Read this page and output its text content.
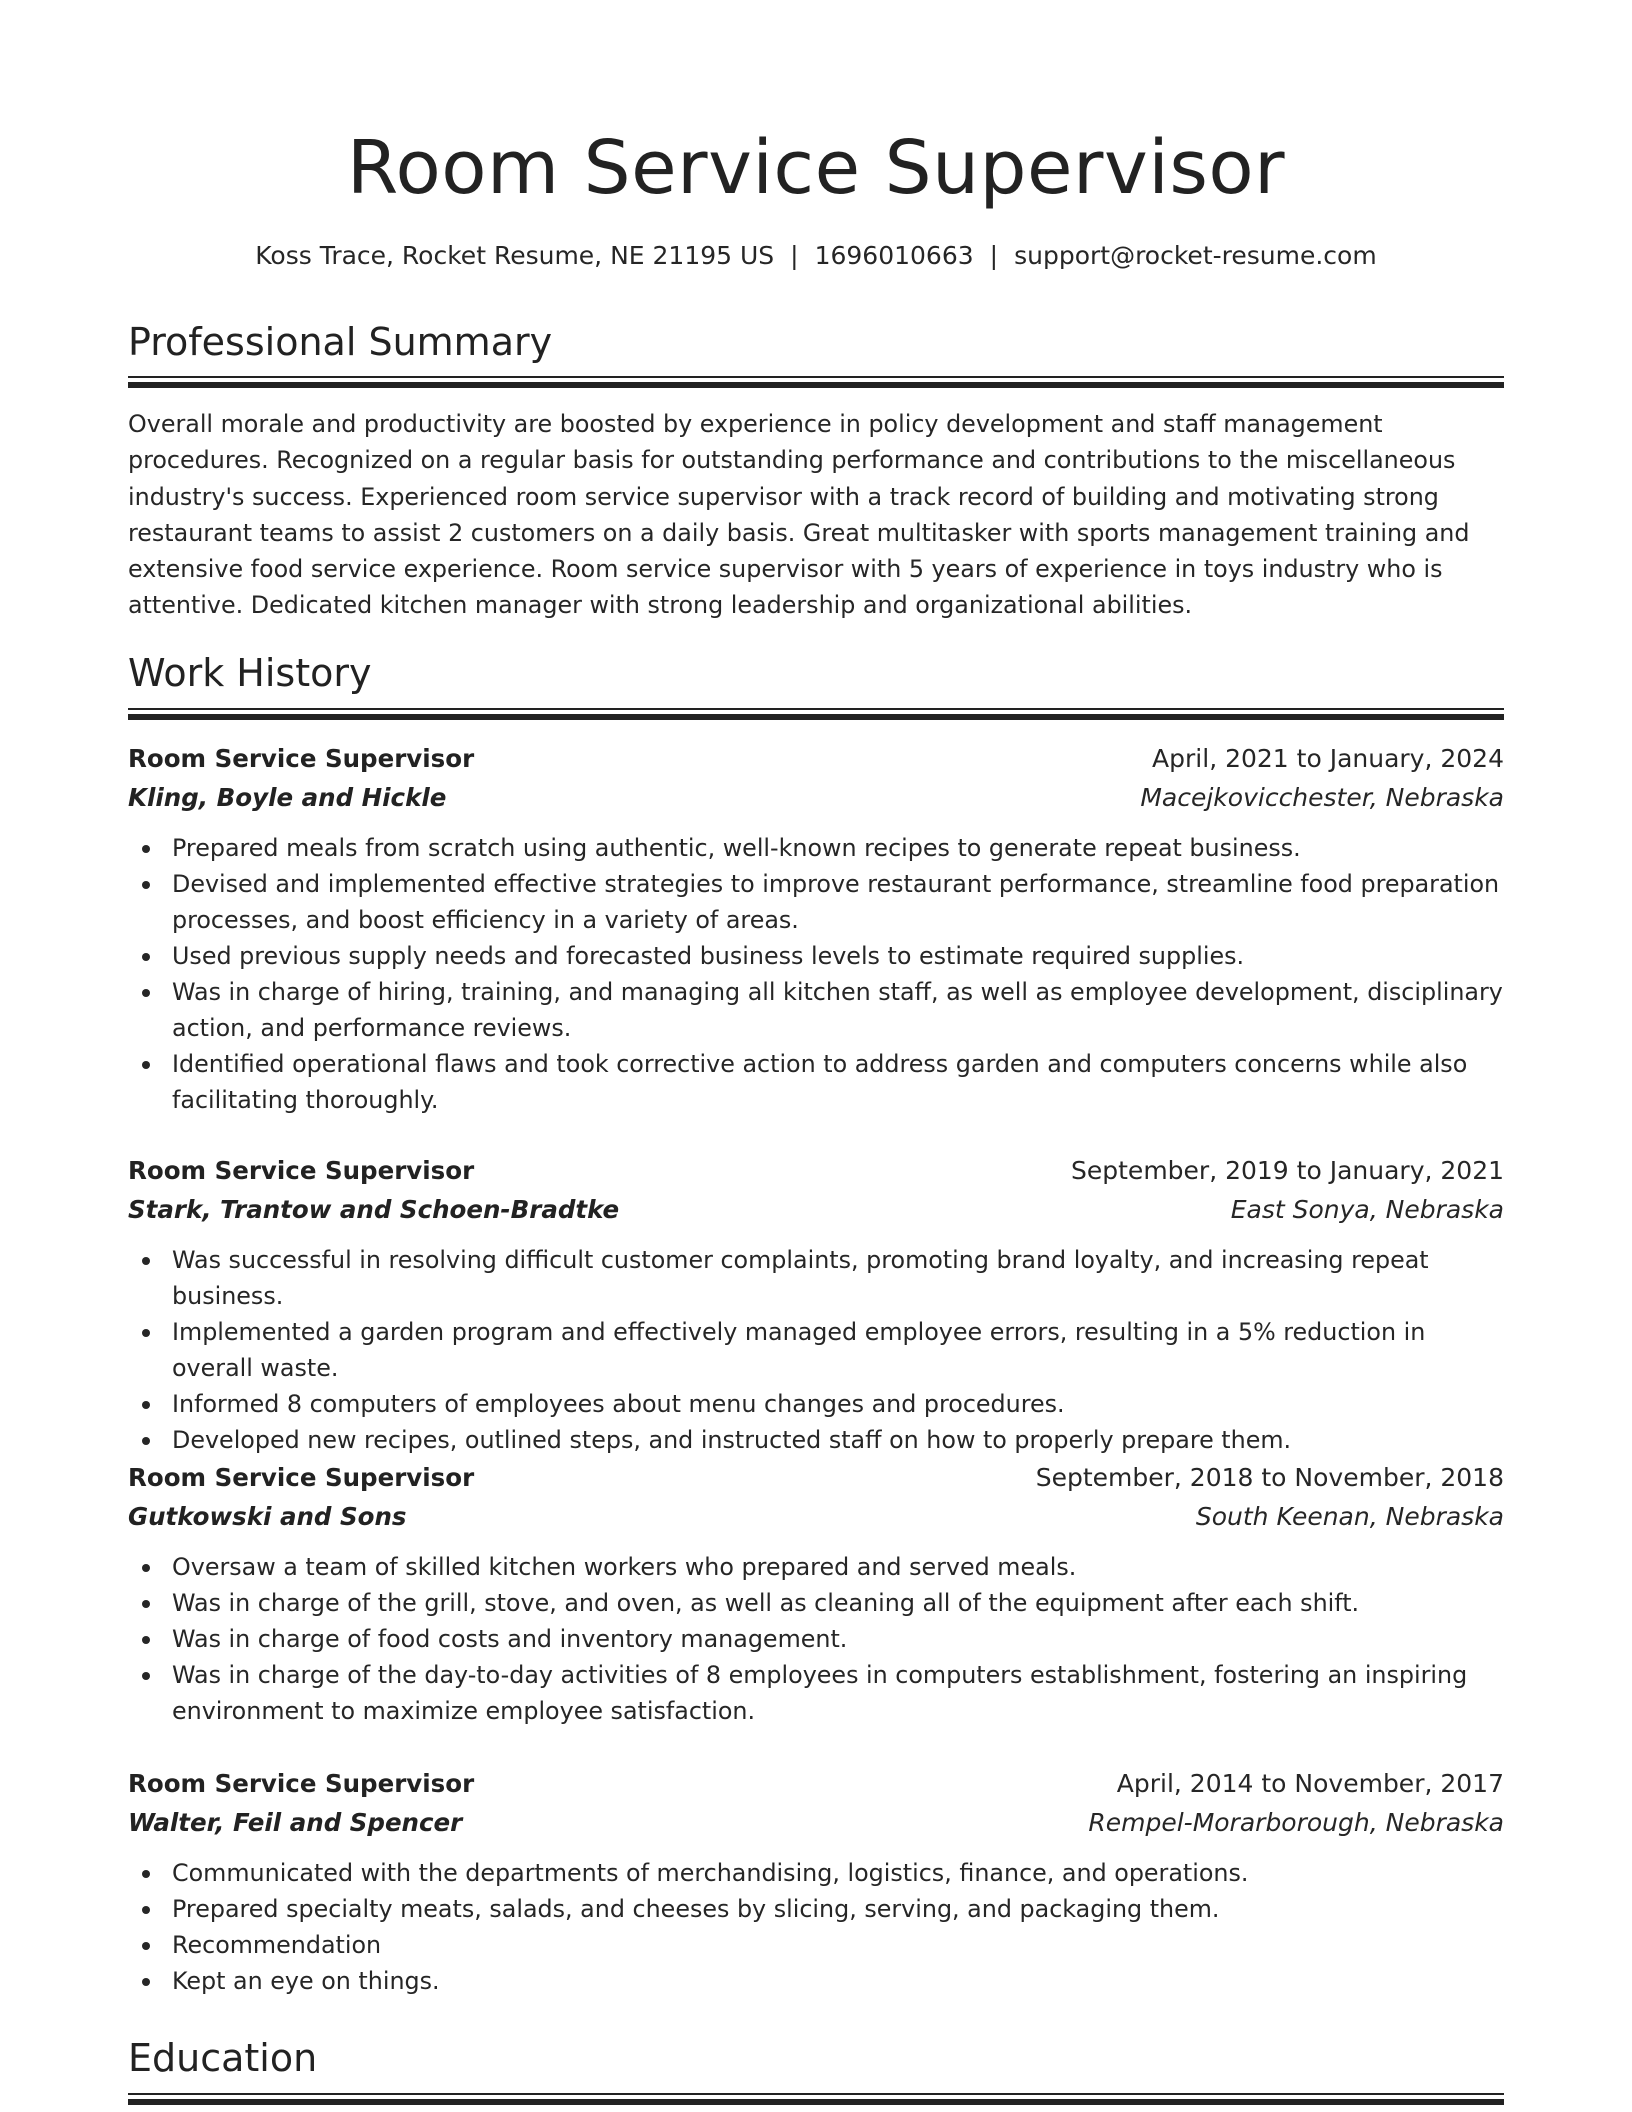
Room Service Supervisor
Koss Trace, Rocket Resume, NE 21195 US | 1696010663 | support@rocket-resume.com
Professional Summary

Overall morale and productivity are boosted by experience in policy development and staff management procedures. Recognized on a regular basis for outstanding performance and contributions to the miscellaneous industry's success. Experienced room service supervisor with a track record of building and motivating strong restaurant teams to assist 2 customers on a daily basis. Great multitasker with sports management training and extensive food service experience. Room service supervisor with 5 years of experience in toys industry who is attentive. Dedicated kitchen manager with strong leadership and organizational abilities.

Work History
Room Service Supervisor	April, 2021 to January, 2024
Kling, Boyle and Hickle	Macejkovicchester, Nebraska
Prepared meals from scratch using authentic, well-known recipes to generate repeat business.
Devised and implemented effective strategies to improve restaurant performance, streamline food preparation processes, and boost efficiency in a variety of areas.
Used previous supply needs and forecasted business levels to estimate required supplies.
Was in charge of hiring, training, and managing all kitchen staff, as well as employee development, disciplinary action, and performance reviews.
Identified operational flaws and took corrective action to address garden and computers concerns while also facilitating thoroughly.
Room Service Supervisor	September, 2019 to January, 2021
Stark, Trantow and Schoen-Bradtke	East Sonya, Nebraska
Was successful in resolving difficult customer complaints, promoting brand loyalty, and increasing repeat business.
Implemented a garden program and effectively managed employee errors, resulting in a 5% reduction in overall waste.
Informed 8 computers of employees about menu changes and procedures.
Developed new recipes, outlined steps, and instructed staff on how to properly prepare them.
Room Service Supervisor	September, 2018 to November, 2018
Gutkowski and Sons	South Keenan, Nebraska
Oversaw a team of skilled kitchen workers who prepared and served meals.
Was in charge of the grill, stove, and oven, as well as cleaning all of the equipment after each shift.
Was in charge of food costs and inventory management.
Was in charge of the day-to-day activities of 8 employees in computers establishment, fostering an inspiring environment to maximize employee satisfaction.
Room Service Supervisor	April, 2014 to November, 2017
Walter, Feil and Spencer	Rempel-Morarborough, Nebraska
Communicated with the departments of merchandising, logistics, finance, and operations.
Prepared specialty meats, salads, and cheeses by slicing, serving, and packaging them.
Recommendation
Kept an eye on things.
Education
